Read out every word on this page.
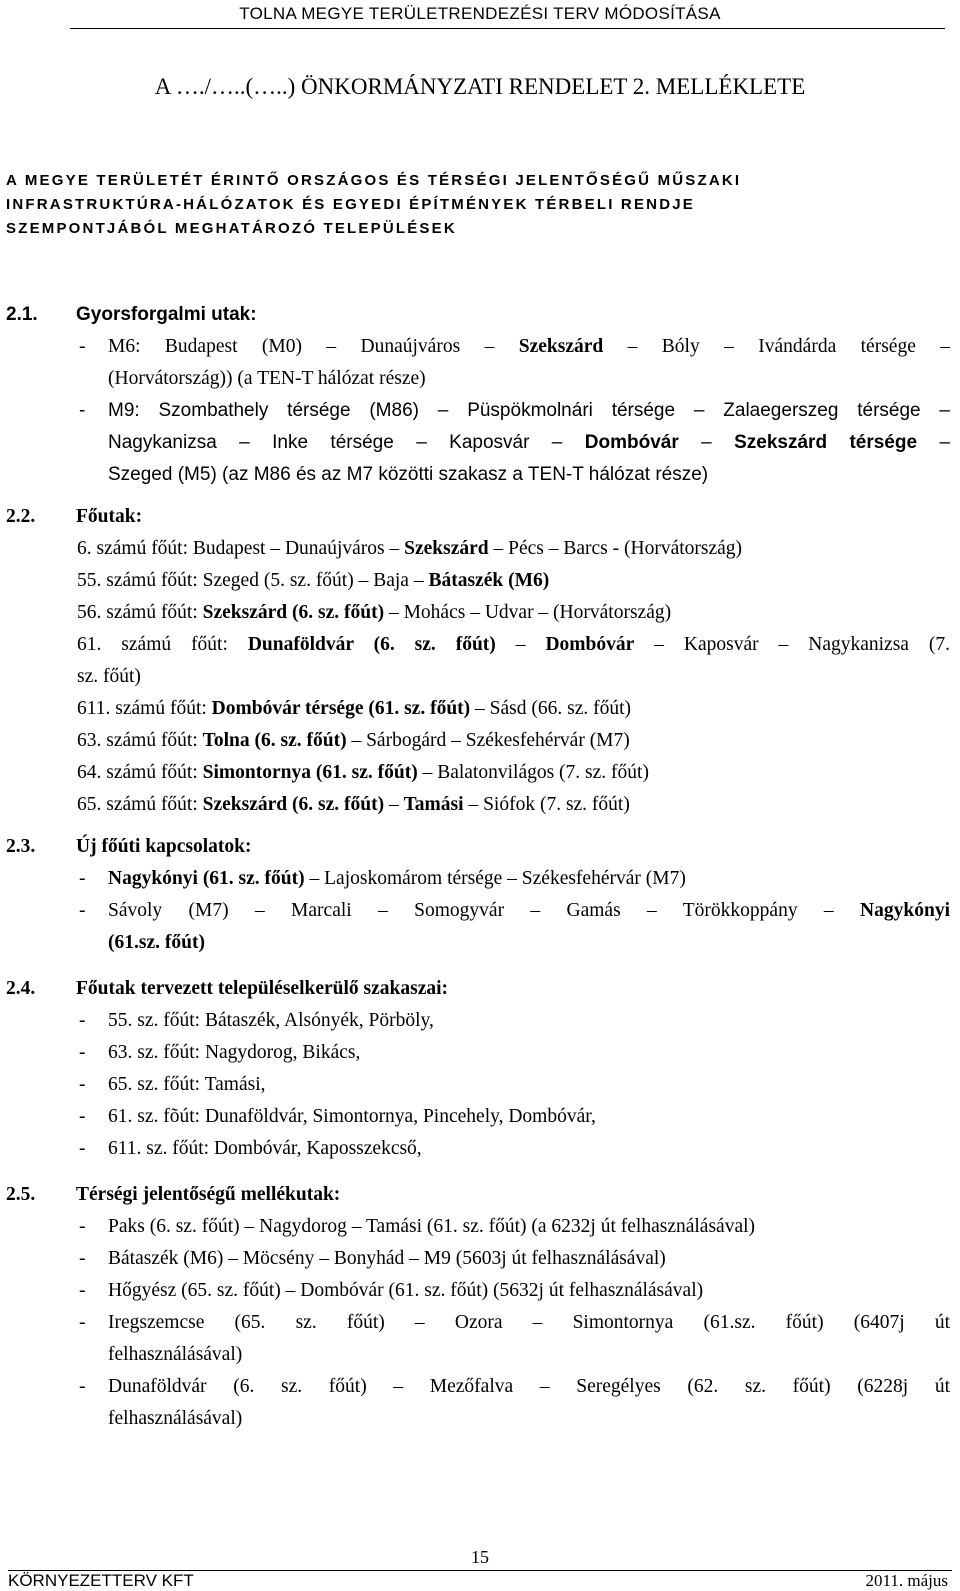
TOLNA MEGYE TERÜLETRENDEZÉSI TERV MÓDOSÍTÁSA
A …./…..(…..) ÖNKORMÁNYZATI RENDELET 2. MELLÉKLETE
A MEGYE TERÜLETÉT ÉRINTŐ ORSZÁGOS ÉS TÉRSÉGI JELENTŐSÉGŰ MŰSZAKI
INFRASTRUKTÚRA-HÁLÓZATOK ÉS EGYEDI ÉPÍTMÉNYEK TÉRBELI RENDJE
SZEMPONTJÁBÓL MEGHATÁROZÓ TELEPÜLÉSEK
2.1.	Gyorsforgalmi utak:
- M6: Budapest (M0) – Dunaújváros – Szekszárd – Bóly – Ivándárda térsége –
(Horvátország)) (a TEN-T hálózat része)
- M9: Szombathely térsége (M86) – Püspökmolnári térsége – Zalaegerszeg térsége –
Nagykanizsa – Inke térsége – Kaposvár – Dombóvár – Szekszárd térsége –
Szeged (M5) (az M86 és az M7 közötti szakasz a TEN-T hálózat része)
2.2.	Főutak:
6. számú főút: Budapest – Dunaújváros – Szekszárd – Pécs – Barcs - (Horvátország)
55. számú főút: Szeged (5. sz. főút) – Baja – Bátaszék (M6)
56. számú főút: Szekszárd (6. sz. főút) – Mohács – Udvar – (Horvátország)
61. számú főút: Dunaföldvár (6. sz. főút) – Dombóvár – Kaposvár – Nagykanizsa (7.
sz. főút)
611. számú főút: Dombóvár térsége (61. sz. főút) – Sásd (66. sz. főút)
63. számú főút: Tolna (6. sz. főút) – Sárbogárd – Székesfehérvár (M7)
64. számú főút: Simontornya (61. sz. főút) – Balatonvilágos (7. sz. főút)
65. számú főút: Szekszárd (6. sz. főút) – Tamási – Siófok (7. sz. főút)
2.3.	Új főúti kapcsolatok:
- Nagykónyi (61. sz. főút) – Lajoskomárom térsége – Székesfehérvár (M7)
- Sávoly (M7) – Marcali – Somogyvár – Gamás – Törökkoppány – Nagykónyi
(61.sz. főút)
2.4.	Főutak tervezett településelkerülő szakaszai:
- 55. sz. főút: Bátaszék, Alsónyék, Pörböly,
- 63. sz. főút: Nagydorog, Bikács,
- 65. sz. főút: Tamási,
- 61. sz. fõút: Dunaföldvár, Simontornya, Pincehely, Dombóvár,
- 611. sz. főút: Dombóvár, Kaposszekcső,
2.5.	Térségi jelentőségű mellékutak:
- Paks (6. sz. főút) – Nagydorog – Tamási (61. sz. főút) (a 6232j út felhasználásával)
- Bátaszék (M6) – Möcsény – Bonyhád – M9 (5603j út felhasználásával)
- Hőgyész (65. sz. főút) – Dombóvár (61. sz. főút) (5632j út felhasználásával)
- Iregszemcse (65. sz. főút) – Ozora – Simontornya (61.sz. főút) (6407j út
felhasználásával)
- Dunaföldvár (6. sz. főút) – Mezőfalva – Seregélyes (62. sz. főút) (6228j út
felhasználásával)
15
KÖRNYEZETTERV KFT	2011. május
